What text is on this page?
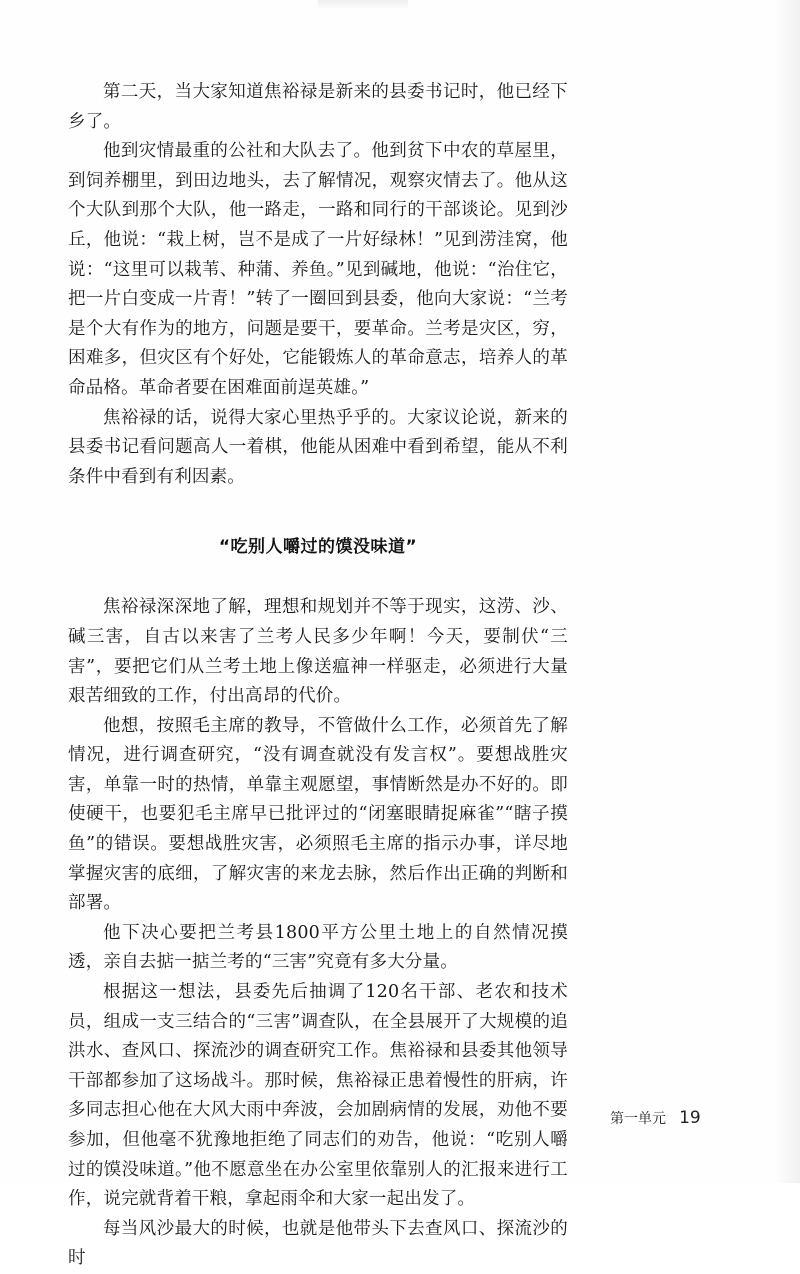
第二天，当大家知道焦裕禄是新来的县委书记时，他已经下乡了。

他到灾情最重的公社和大队去了。他到贫下中农的草屋里，到饲养棚里，到田边地头，去了解情况，观察灾情去了。他从这个大队到那个大队，他一路走，一路和同行的干部谈论。见到沙丘，他说：“栽上树，岂不是成了一片好绿林！”见到涝洼窝，他说：“这里可以栽苇、种蒲、养鱼。”见到碱地，他说：“治住它，把一片白变成一片青！”转了一圈回到县委，他向大家说：“兰考是个大有作为的地方，问题是要干，要革命。兰考是灾区，穷，困难多，但灾区有个好处，它能锻炼人的革命意志，培养人的革命品格。革命者要在困难面前逞英雄。”

焦裕禄的话，说得大家心里热乎乎的。大家议论说，新来的县委书记看问题高人一着棋，他能从困难中看到希望，能从不利条件中看到有利因素。

“吃别人嚼过的馍没味道”

焦裕禄深深地了解，理想和规划并不等于现实，这涝、沙、碱三害，自古以来害了兰考人民多少年啊！今天，要制伏“三害”，要把它们从兰考土地上像送瘟神一样驱走，必须进行大量艰苦细致的工作，付出高昂的代价。

他想，按照毛主席的教导，不管做什么工作，必须首先了解情况，进行调查研究，“没有调查就没有发言权”。要想战胜灾害，单靠一时的热情，单靠主观愿望，事情断然是办不好的。即使硬干，也要犯毛主席早已批评过的“闭塞眼睛捉麻雀”“瞎子摸鱼”的错误。要想战胜灾害，必须照毛主席的指示办事，详尽地掌握灾害的底细，了解灾害的来龙去脉，然后作出正确的判断和部署。

他下决心要把兰考县1800平方公里土地上的自然情况摸透，亲自去掂一掂兰考的“三害”究竟有多大分量。

根据这一想法，县委先后抽调了120名干部、老农和技术员，组成一支三结合的“三害”调查队，在全县展开了大规模的追洪水、查风口、探流沙的调查研究工作。焦裕禄和县委其他领导干部都参加了这场战斗。那时候，焦裕禄正患着慢性的肝病，许多同志担心他在大风大雨中奔波，会加剧病情的发展，劝他不要参加，但他毫不犹豫地拒绝了同志们的劝告，他说：“吃别人嚼过的馍没味道。”他不愿意坐在办公室里依靠别人的汇报来进行工作，说完就背着干粮，拿起雨伞和大家一起出发了。

每当风沙最大的时候，也就是他带头下去查风口、探流沙的时

第一单元 19
